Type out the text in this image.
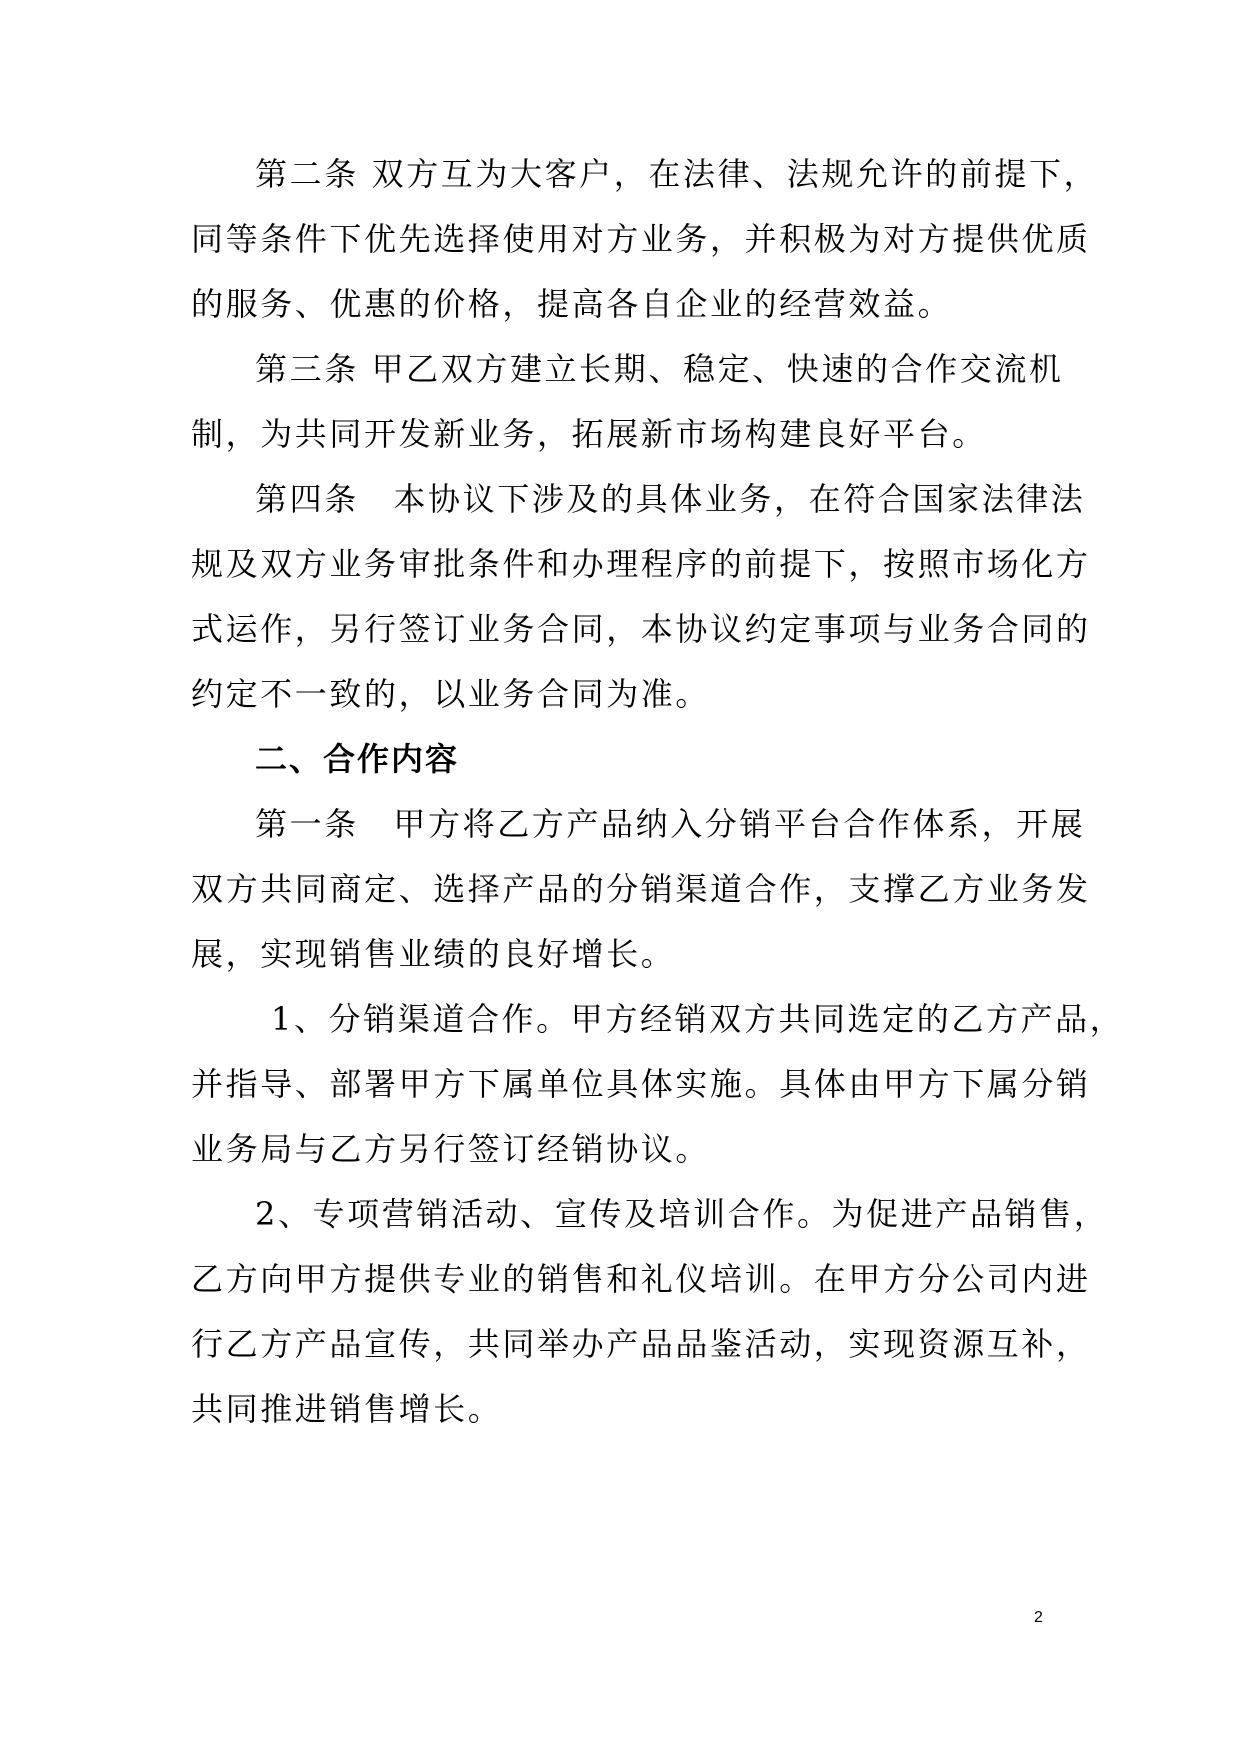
第二条 双方互为大客户，在法律、法规允许的前提下，
同等条件下优先选择使用对方业务，并积极为对方提供优质
的服务、优惠的价格，提高各自企业的经营效益。
第三条 甲乙双方建立长期、稳定、快速的合作交流机
制，为共同开发新业务，拓展新市场构建良好平台。
第四条　本协议下涉及的具体业务，在符合国家法律法
规及双方业务审批条件和办理程序的前提下，按照市场化方
式运作，另行签订业务合同，本协议约定事项与业务合同的
约定不一致的，以业务合同为准。
二、合作内容
第一条　甲方将乙方产品纳入分销平台合作体系，开展
双方共同商定、选择产品的分销渠道合作，支撑乙方业务发
展，实现销售业绩的良好增长。
1、分销渠道合作。甲方经销双方共同选定的乙方产品，
并指导、部署甲方下属单位具体实施。具体由甲方下属分销
业务局与乙方另行签订经销协议。
2、专项营销活动、宣传及培训合作。为促进产品销售，
乙方向甲方提供专业的销售和礼仪培训。在甲方分公司内进
行乙方产品宣传，共同举办产品品鉴活动，实现资源互补，
共同推进销售增长。
2
